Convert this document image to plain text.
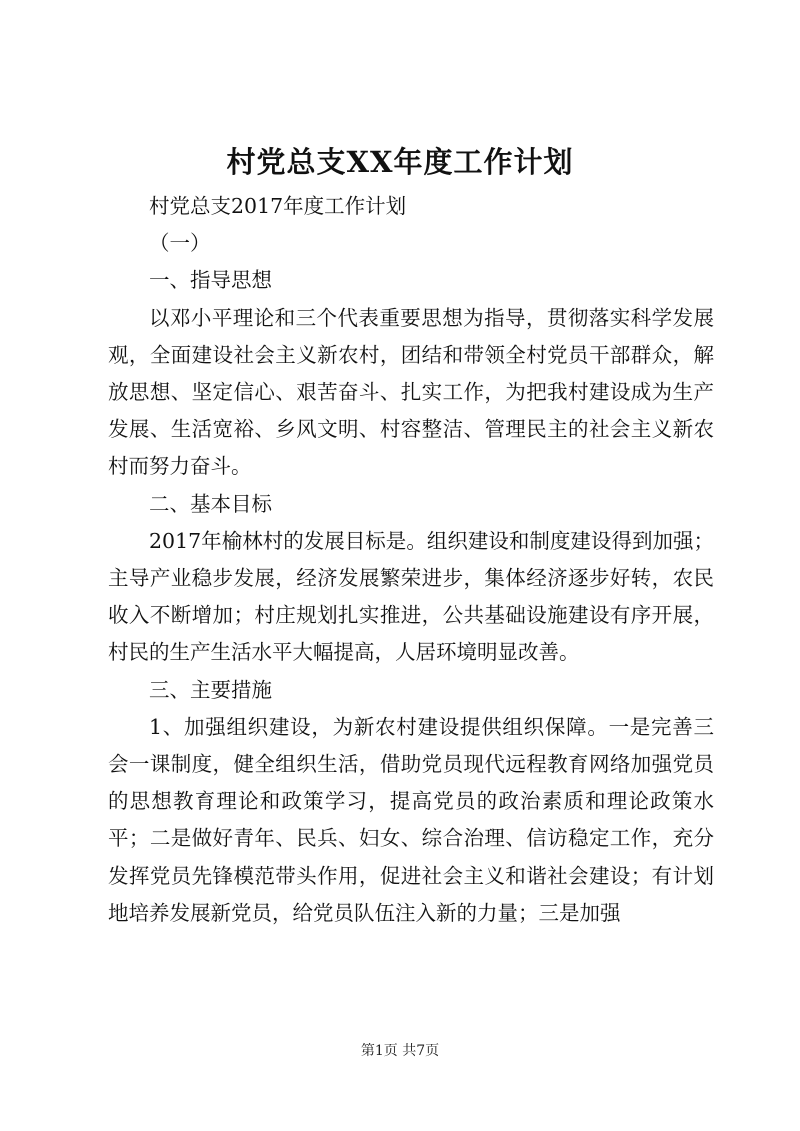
村党总支XX年度工作计划

村党总支2017年度工作计划

（一）

一、指导思想

以邓小平理论和三个代表重要思想为指导，贯彻落实科学发展观，全面建设社会主义新农村，团结和带领全村党员干部群众，解放思想、坚定信心、艰苦奋斗、扎实工作，为把我村建设成为生产发展、生活宽裕、乡风文明、村容整洁、管理民主的社会主义新农村而努力奋斗。

二、基本目标

2017年榆林村的发展目标是。组织建设和制度建设得到加强；主导产业稳步发展，经济发展繁荣进步，集体经济逐步好转，农民收入不断增加；村庄规划扎实推进，公共基础设施建设有序开展，村民的生产生活水平大幅提高，人居环境明显改善。

三、主要措施

1、加强组织建设，为新农村建设提供组织保障。一是完善三会一课制度，健全组织生活，借助党员现代远程教育网络加强党员的思想教育理论和政策学习，提高党员的政治素质和理论政策水平；二是做好青年、民兵、妇女、综合治理、信访稳定工作，充分发挥党员先锋模范带头作用，促进社会主义和谐社会建设；有计划地培养发展新党员，给党员队伍注入新的力量；三是加强

第1页 共7页
